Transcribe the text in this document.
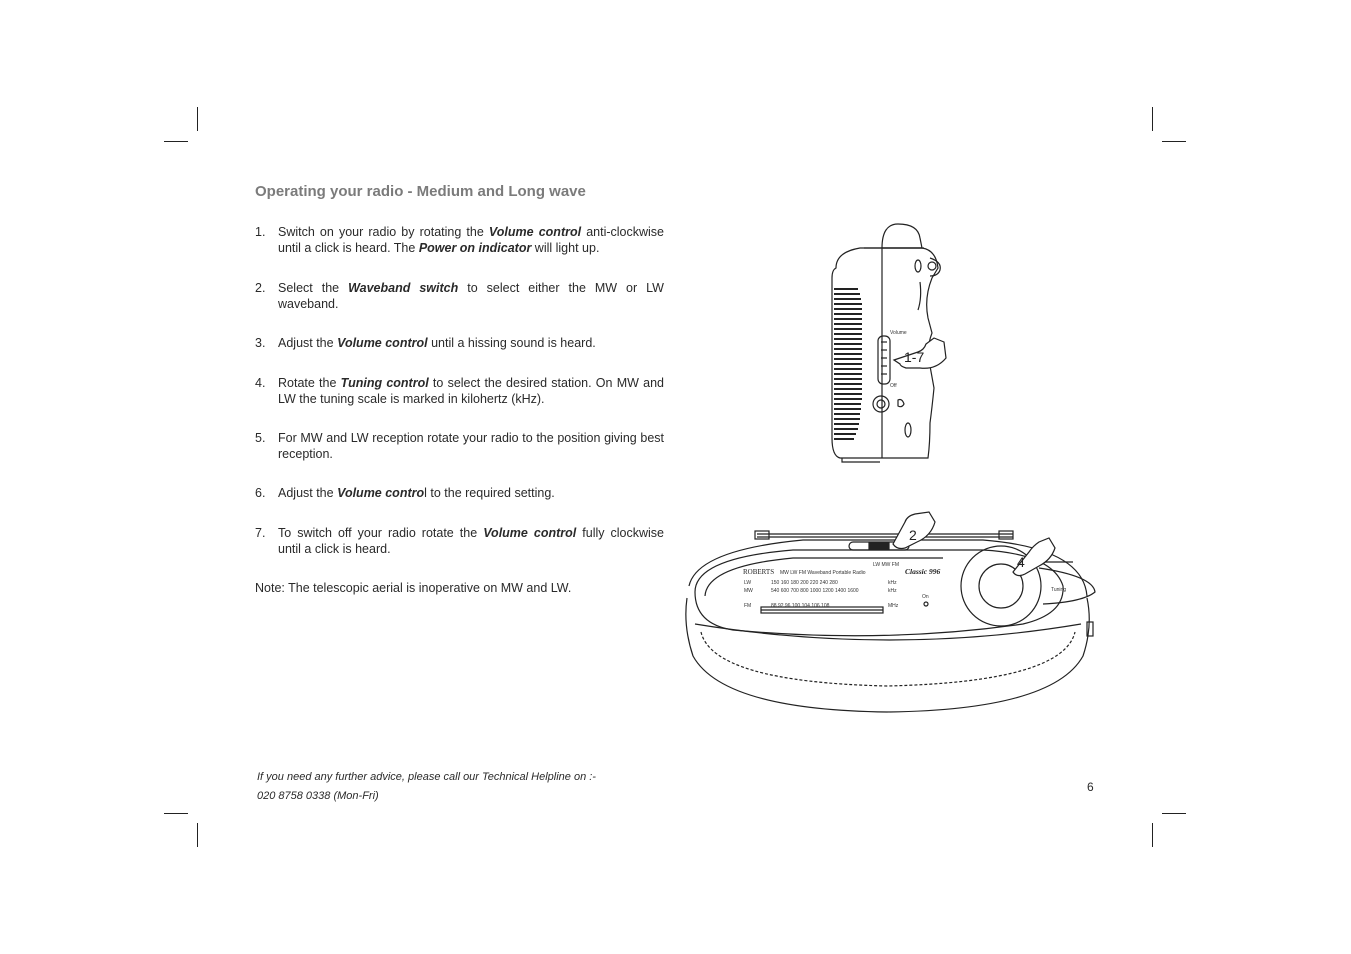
Operating your radio - Medium and Long wave
1. Switch on your radio by rotating the Volume control anti-clockwise until a click is heard. The Power on indicator will light up.
2. Select the Waveband switch to select either the MW or LW waveband.
3. Adjust the Volume control until a hissing sound is heard.
4. Rotate the Tuning control to select the desired station. On MW and LW the tuning scale is marked in kilohertz (kHz).
5. For MW and LW reception rotate your radio to the position giving best reception.
6. Adjust the Volume control to the required setting.
7. To switch off your radio rotate the Volume control fully clockwise until a click is heard.
Note: The telescopic aerial is inoperative on MW and LW.
If you need any further advice, please call our Technical Helpline on :-
020 8758 0338 (Mon-Fri)
6
Volume
Off
1-7
LW MW FM
ROBERTS MW LW FM Waveband Portable Radio	Classic 996
LW	150 160 180 200 220 240 280	kHz
MW	540 600 700 800 1000 1200 1400 1600	kHz
FM	88 92 96 100 104 106 108	MHz
On
Tuning
2
4
